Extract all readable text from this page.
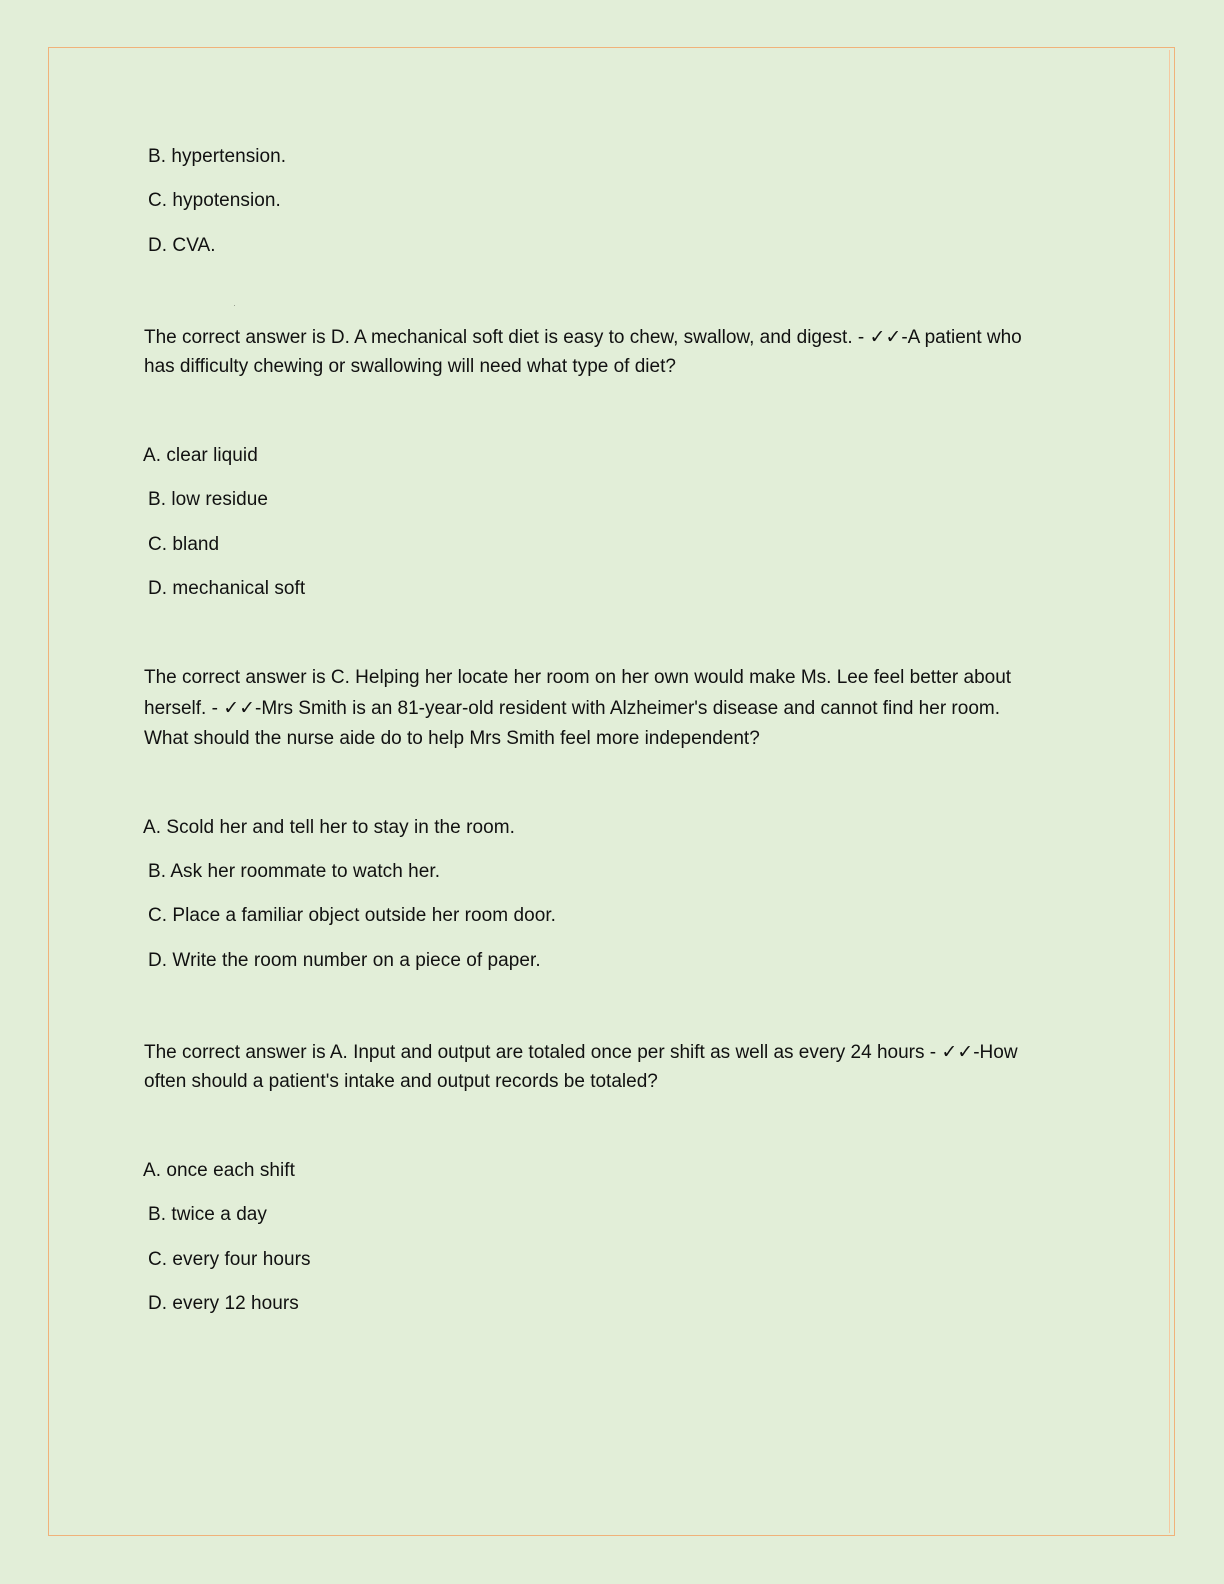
B. hypertension.
C. hypotension.
D. CVA.
The correct answer is D. A mechanical soft diet is easy to chew, swallow, and digest. - ✓✓-A patient who
has difficulty chewing or swallowing will need what type of diet?
A. clear liquid
B. low residue
C. bland
D. mechanical soft
The correct answer is C. Helping her locate her room on her own would make Ms. Lee feel better about
herself. - ✓✓-Mrs Smith is an 81-year-old resident with Alzheimer's disease and cannot find her room.
What should the nurse aide do to help Mrs Smith feel more independent?
A. Scold her and tell her to stay in the room.
B. Ask her roommate to watch her.
C. Place a familiar object outside her room door.
D. Write the room number on a piece of paper.
The correct answer is A. Input and output are totaled once per shift as well as every 24 hours - ✓✓-How
often should a patient's intake and output records be totaled?
A. once each shift
B. twice a day
C. every four hours
D. every 12 hours
